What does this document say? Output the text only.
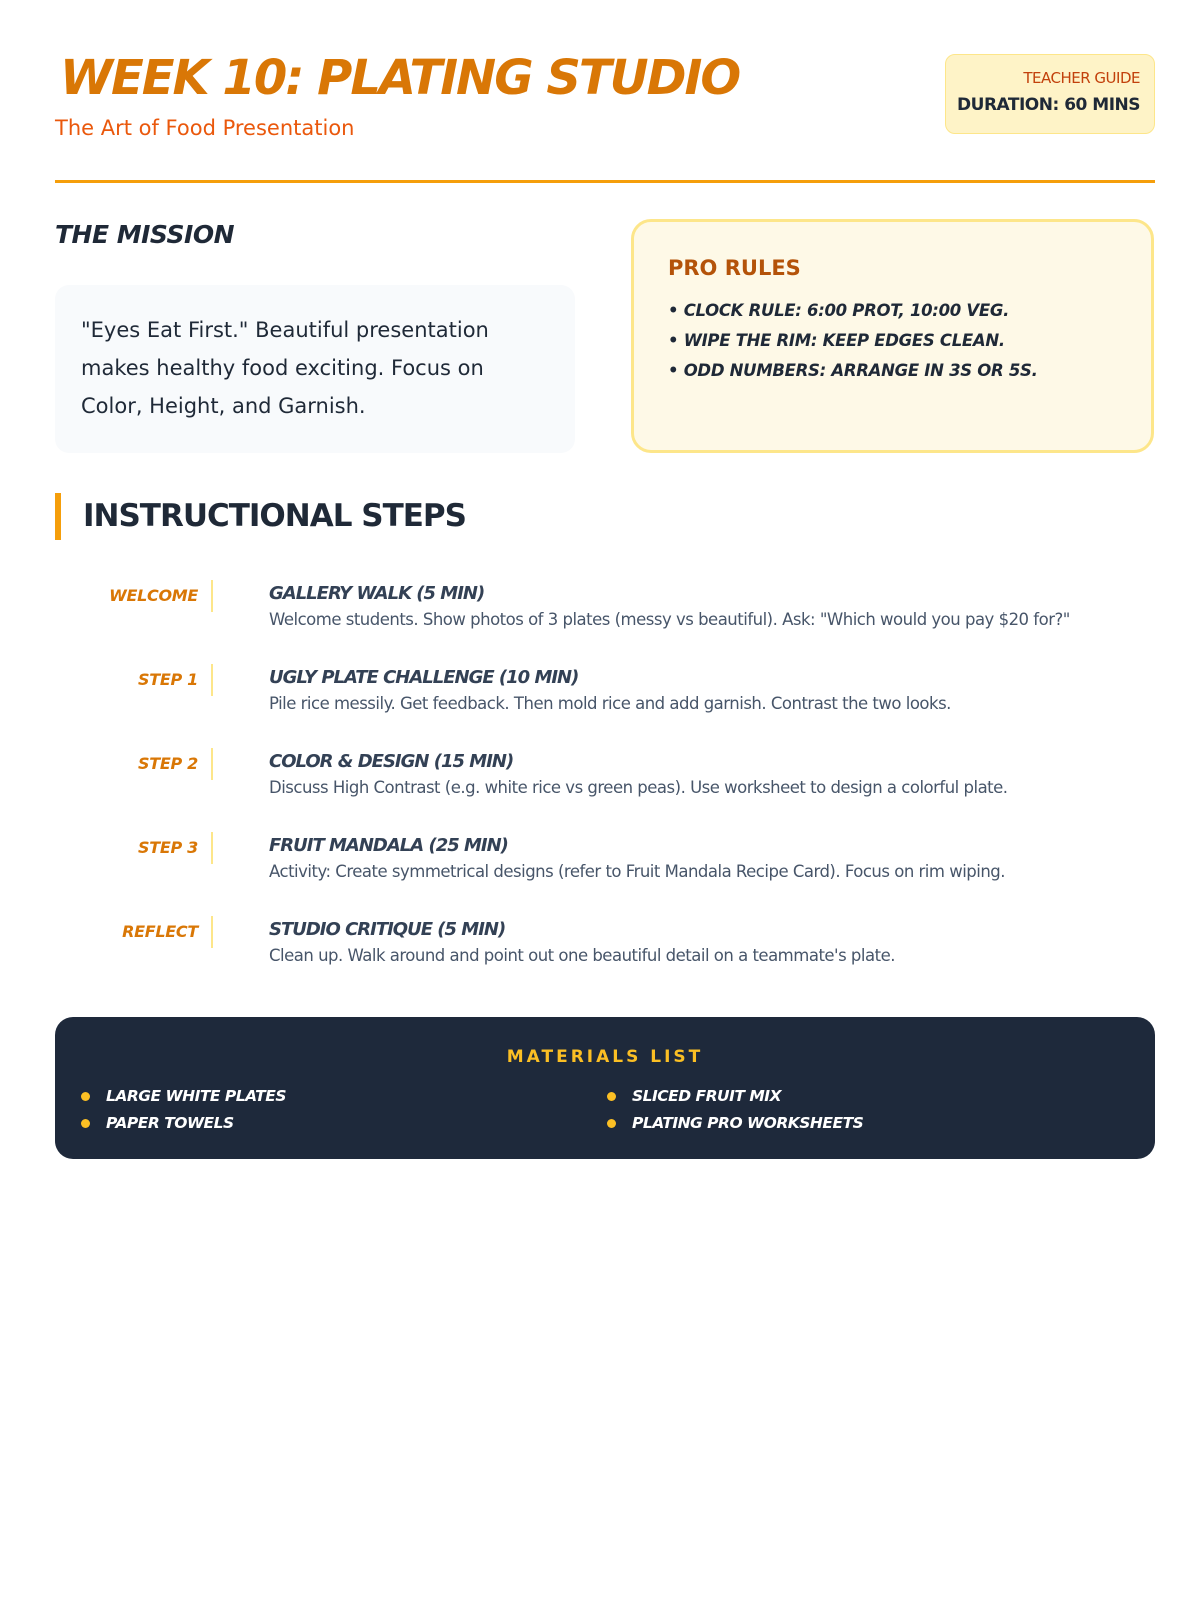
WEEK 10: PLATING STUDIO
The Art of Food Presentation
TEACHER GUIDE
DURATION: 60 MINS
THE MISSION
"Eyes Eat First." Beautiful presentation makes healthy food exciting. Focus on Color, Height, and Garnish.
PRO RULES
• CLOCK RULE: 6:00 PROT, 10:00 VEG.
• WIPE THE RIM: KEEP EDGES CLEAN.
• ODD NUMBERS: ARRANGE IN 3S OR 5S.
INSTRUCTIONAL STEPS
WELCOME	GALLERY WALK (5 MIN)
Welcome students. Show photos of 3 plates (messy vs beautiful). Ask: "Which would you pay $20 for?"
STEP 1	UGLY PLATE CHALLENGE (10 MIN)
Pile rice messily. Get feedback. Then mold rice and add garnish. Contrast the two looks.
STEP 2	COLOR & DESIGN (15 MIN)
Discuss High Contrast (e.g. white rice vs green peas). Use worksheet to design a colorful plate.
STEP 3	FRUIT MANDALA (25 MIN)
Activity: Create symmetrical designs (refer to Fruit Mandala Recipe Card). Focus on rim wiping.
REFLECT	STUDIO CRITIQUE (5 MIN)
Clean up. Walk around and point out one beautiful detail on a teammate's plate.
MATERIALS LIST
LARGE WHITE PLATES	SLICED FRUIT MIX
PAPER TOWELS	PLATING PRO WORKSHEETS
